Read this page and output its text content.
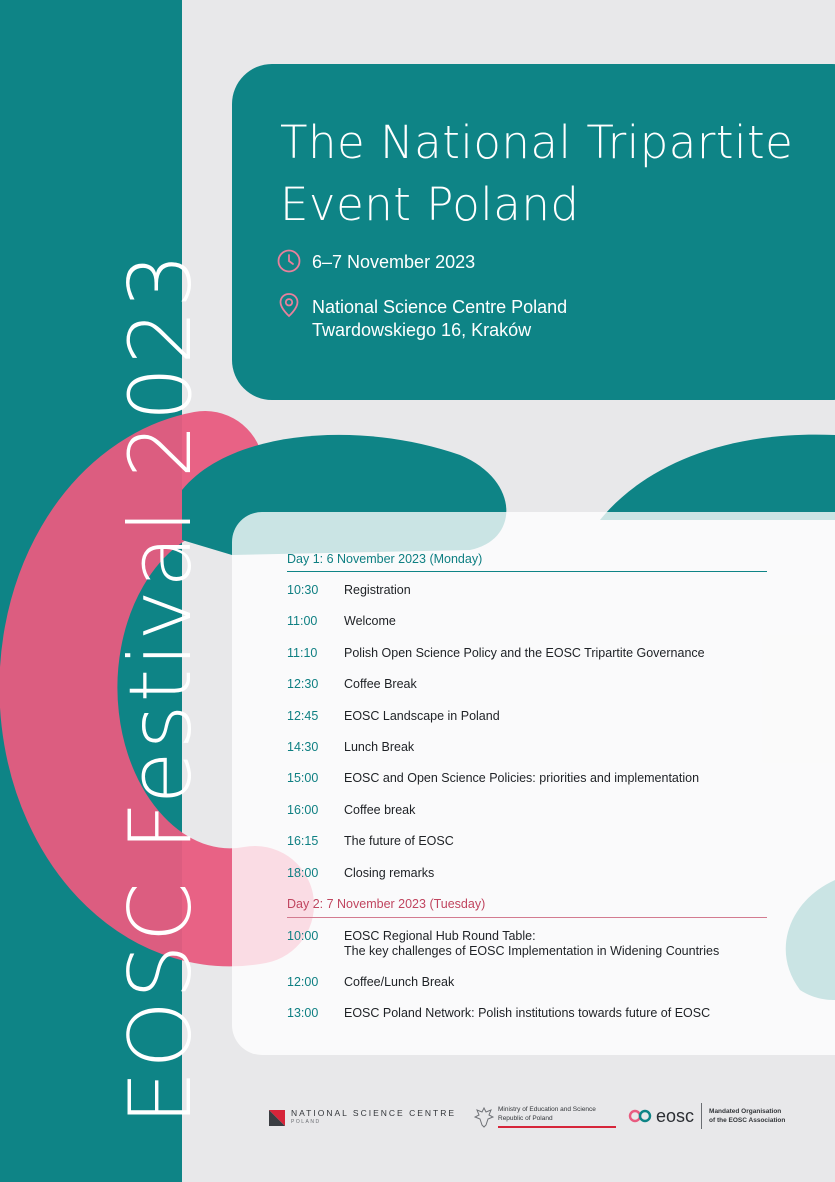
EOSC Festival 2023
The National Tripartite
Event Poland
6–7 November 2023
National Science Centre Poland
Twardowskiego 16, Kraków
Day 1: 6 November 2023 (Monday)
10:30 Registration
11:00 Welcome
11:10 Polish Open Science Policy and the EOSC Tripartite Governance
12:30 Coffee Break
12:45 EOSC Landscape in Poland
14:30 Lunch Break
15:00 EOSC and Open Science Policies: priorities and implementation
16:00 Coffee break
16:15 The future of EOSC
18:00 Closing remarks
Day 2: 7 November 2023 (Tuesday)
10:00 EOSC Regional Hub Round Table:
The key challenges of EOSC Implementation in Widening Countries
12:00 Coffee/Lunch Break
13:00 EOSC Poland Network: Polish institutions towards future of EOSC
NATIONAL SCIENCE CENTRE
POLAND
Ministry of Education and Science
Republic of Poland	eosc Mandated Organisation
of the EOSC Association
